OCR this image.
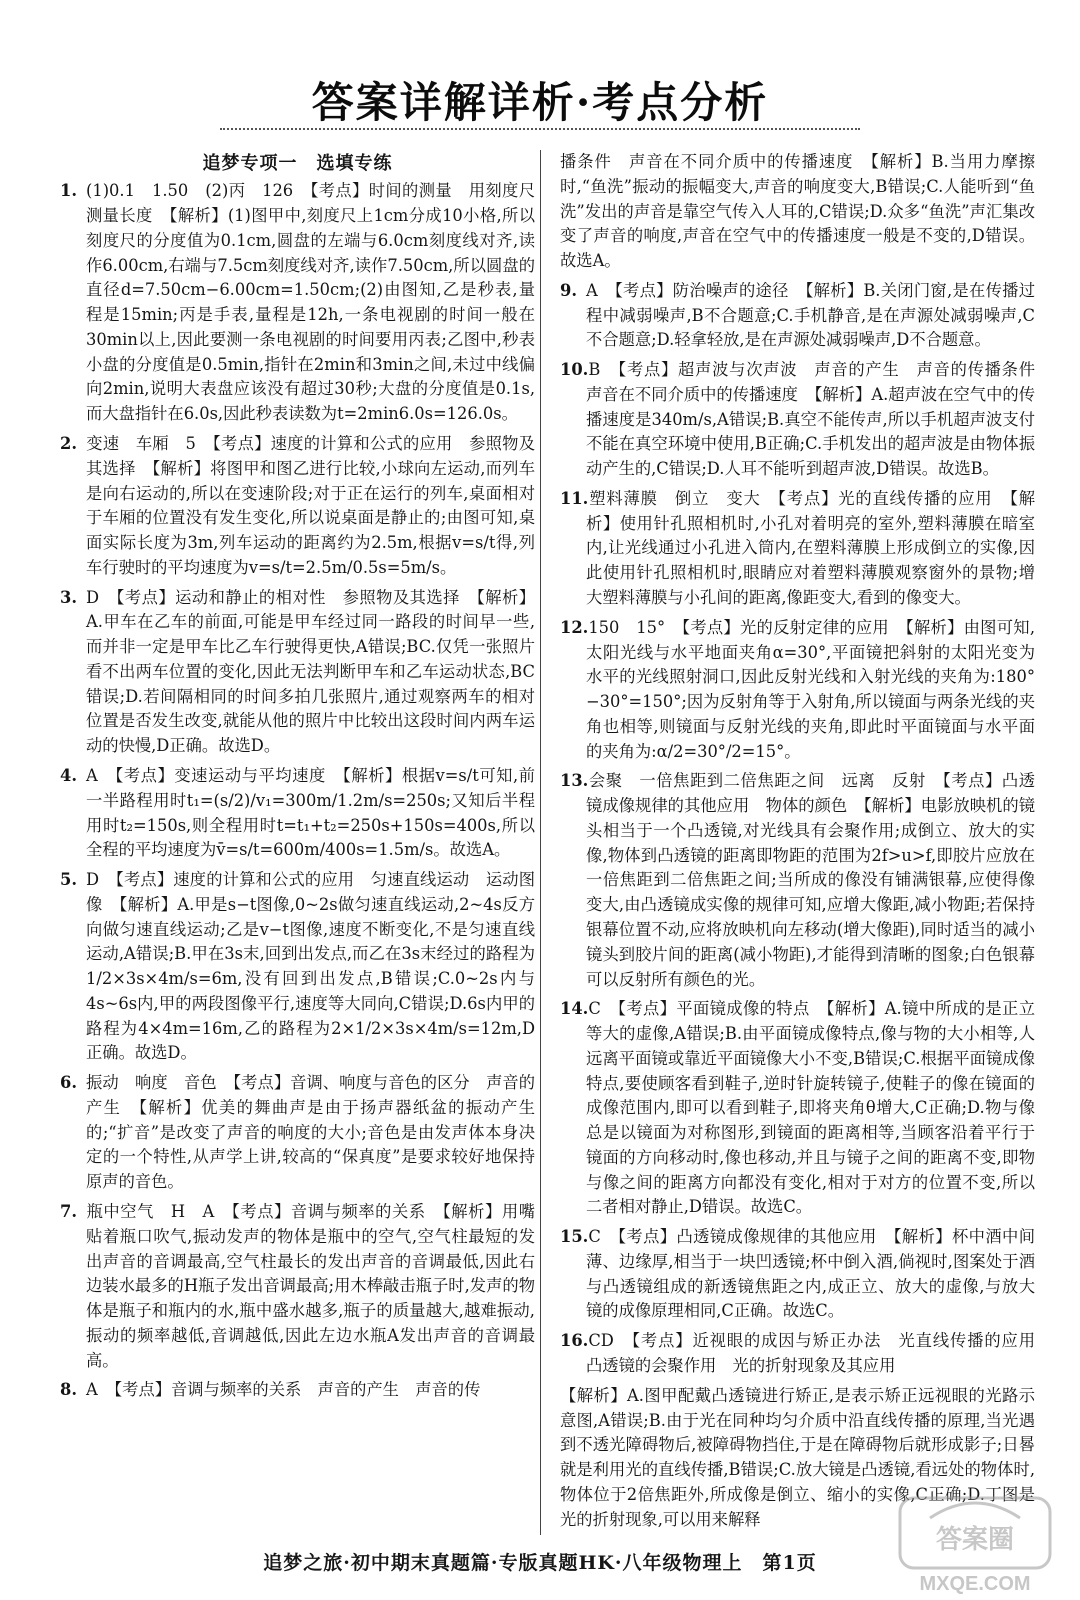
答案详解详析·考点分析
追梦专项一　选填专练
1. (1)0.1　1.50　(2)丙　126　【考点】时间的测量　用刻度尺测量长度　【解析】(1)图甲中,刻度尺上1cm分成10小格,所以刻度尺的分度值为0.1cm,圆盘的左端与6.0cm刻度线对齐,读作6.00cm,右端与7.5cm刻度线对齐,读作7.50cm,所以圆盘的直径d=7.50cm−6.00cm=1.50cm;(2)由图知,乙是秒表,量程是15min;丙是手表,量程是12h,一条电视剧的时间一般在30min以上,因此要测一条电视剧的时间要用丙表;乙图中,秒表小盘的分度值是0.5min,指针在2min和3min之间,未过中线偏向2min,说明大表盘应该没有超过30秒;大盘的分度值是0.1s,而大盘指针在6.0s,因此秒表读数为t=2min6.0s=126.0s。
2. 变速　车厢　5　【考点】速度的计算和公式的应用　参照物及其选择　【解析】将图甲和图乙进行比较,小球向左运动,而列车是向右运动的,所以在变速阶段;对于正在运行的列车,桌面相对于车厢的位置没有发生变化,所以说桌面是静止的;由图可知,桌面实际长度为3m,列车运动的距离约为2.5m,根据v=s/t得,列车行驶时的平均速度为v=s/t=2.5m/0.5s=5m/s。
3. D　【考点】运动和静止的相对性　参照物及其选择　【解析】A.甲车在乙车的前面,可能是甲车经过同一路段的时间早一些,而并非一定是甲车比乙车行驶得更快,A错误;BC.仅凭一张照片看不出两车位置的变化,因此无法判断甲车和乙车运动状态,BC错误;D.若间隔相同的时间多拍几张照片,通过观察两车的相对位置是否发生改变,就能从他的照片中比较出这段时间内两车运动的快慢,D正确。故选D。
4. A　【考点】变速运动与平均速度　【解析】根据v=s/t可知,前一半路程用时t₁=(s/2)/v₁=300m/1.2m/s=250s;又知后半程用时t₂=150s,则全程用时t=t₁+t₂=250s+150s=400s,所以全程的平均速度为v̄=s/t=600m/400s=1.5m/s。故选A。
5. D　【考点】速度的计算和公式的应用　匀速直线运动　运动图像　【解析】A.甲是s−t图像,0~2s做匀速直线运动,2~4s反方向做匀速直线运动;乙是v−t图像,速度不断变化,不是匀速直线运动,A错误;B.甲在3s末,回到出发点,而乙在3s末经过的路程为1/2×3s×4m/s=6m,没有回到出发点,B错误;C.0~2s内与4s~6s内,甲的两段图像平行,速度等大同向,C错误;D.6s内甲的路程为4×4m=16m,乙的路程为2×1/2×3s×4m/s=12m,D正确。故选D。
6. 振动　响度　音色　【考点】音调、响度与音色的区分　声音的产生　【解析】优美的舞曲声是由于扬声器纸盆的振动产生的;“扩音”是改变了声音的响度的大小;音色是由发声体本身决定的一个特性,从声学上讲,较高的“保真度”是要求较好地保持原声的音色。
7. 瓶中空气　H　A　【考点】音调与频率的关系　【解析】用嘴贴着瓶口吹气,振动发声的物体是瓶中的空气,空气柱最短的发出声音的音调最高,空气柱最长的发出声音的音调最低,因此右边装水最多的H瓶子发出音调最高;用木棒敲击瓶子时,发声的物体是瓶子和瓶内的水,瓶中盛水越多,瓶子的质量越大,越难振动,振动的频率越低,音调越低,因此左边水瓶A发出声音的音调最高。
8. A　【考点】音调与频率的关系　声音的产生　声音的传
播条件　声音在不同介质中的传播速度　【解析】B.当用力摩擦时,“鱼洗”振动的振幅变大,声音的响度变大,B错误;C.人能听到“鱼洗”发出的声音是靠空气传入人耳的,C错误;D.众多“鱼洗”声汇集改变了声音的响度,声音在空气中的传播速度一般是不变的,D错误。故选A。
9. A　【考点】防治噪声的途径　【解析】B.关闭门窗,是在传播过程中减弱噪声,B不合题意;C.手机静音,是在声源处减弱噪声,C不合题意;D.轻拿轻放,是在声源处减弱噪声,D不合题意。
10.B　【考点】超声波与次声波　声音的产生　声音的传播条件　声音在不同介质中的传播速度　【解析】A.超声波在空气中的传播速度是340m/s,A错误;B.真空不能传声,所以手机超声波支付不能在真空环境中使用,B正确;C.手机发出的超声波是由物体振动产生的,C错误;D.人耳不能听到超声波,D错误。故选B。
11.塑料薄膜　倒立　变大　【考点】光的直线传播的应用　【解析】使用针孔照相机时,小孔对着明亮的室外,塑料薄膜在暗室内,让光线通过小孔进入筒内,在塑料薄膜上形成倒立的实像,因此使用针孔照相机时,眼睛应对着塑料薄膜观察窗外的景物;增大塑料薄膜与小孔间的距离,像距变大,看到的像变大。
12.150　15°　【考点】光的反射定律的应用　【解析】由图可知,太阳光线与水平地面夹角α=30°,平面镜把斜射的太阳光变为水平的光线照射洞口,因此反射光线和入射光线的夹角为:180°−30°=150°;因为反射角等于入射角,所以镜面与两条光线的夹角也相等,则镜面与反射光线的夹角,即此时平面镜面与水平面的夹角为:α/2=30°/2=15°。
13.会聚　一倍焦距到二倍焦距之间　远离　反射　【考点】凸透镜成像规律的其他应用　物体的颜色　【解析】电影放映机的镜头相当于一个凸透镜,对光线具有会聚作用;成倒立、放大的实像,物体到凸透镜的距离即物距的范围为2f>u>f,即胶片应放在一倍焦距到二倍焦距之间;当所成的像没有铺满银幕,应使得像变大,由凸透镜成实像的规律可知,应增大像距,减小物距;若保持银幕位置不动,应将放映机向左移动(增大像距),同时适当的减小镜头到胶片间的距离(减小物距),才能得到清晰的图象;白色银幕可以反射所有颜色的光。
14.C　【考点】平面镜成像的特点　【解析】A.镜中所成的是正立等大的虚像,A错误;B.由平面镜成像特点,像与物的大小相等,人远离平面镜或靠近平面镜像大小不变,B错误;C.根据平面镜成像特点,要使顾客看到鞋子,逆时针旋转镜子,使鞋子的像在镜面的成像范围内,即可以看到鞋子,即将夹角θ增大,C正确;D.物与像总是以镜面为对称图形,到镜面的距离相等,当顾客沿着平行于镜面的方向移动时,像也移动,并且与镜子之间的距离不变,即物与像之间的距离方向都没有变化,相对于对方的位置不变,所以二者相对静止,D错误。故选C。
15.C　【考点】凸透镜成像规律的其他应用　【解析】杯中酒中间薄、边缘厚,相当于一块凹透镜;杯中倒入酒,倘视时,图案处于酒与凸透镜组成的新透镜焦距之内,成正立、放大的虚像,与放大镜的成像原理相同,C正确。故选C。
16.CD　【考点】近视眼的成因与矫正办法　光直线传播的应用　凸透镜的会聚作用　光的折射现象及其应用
【解析】A.图甲配戴凸透镜进行矫正,是表示矫正远视眼的光路示意图,A错误;B.由于光在同种均匀介质中沿直线传播的原理,当光遇到不透光障碍物后,被障碍物挡住,于是在障碍物后就形成影子;日晷就是利用光的直线传播,B错误;C.放大镜是凸透镜,看远处的物体时,物体位于2倍焦距外,所成像是倒立、缩小的实像,C正确;D.丁图是光的折射现象,可以用来解释
追梦之旅·初中期末真题篇·专版真题HK·八年级物理上　第1页
答案圈
MXQE.COM
